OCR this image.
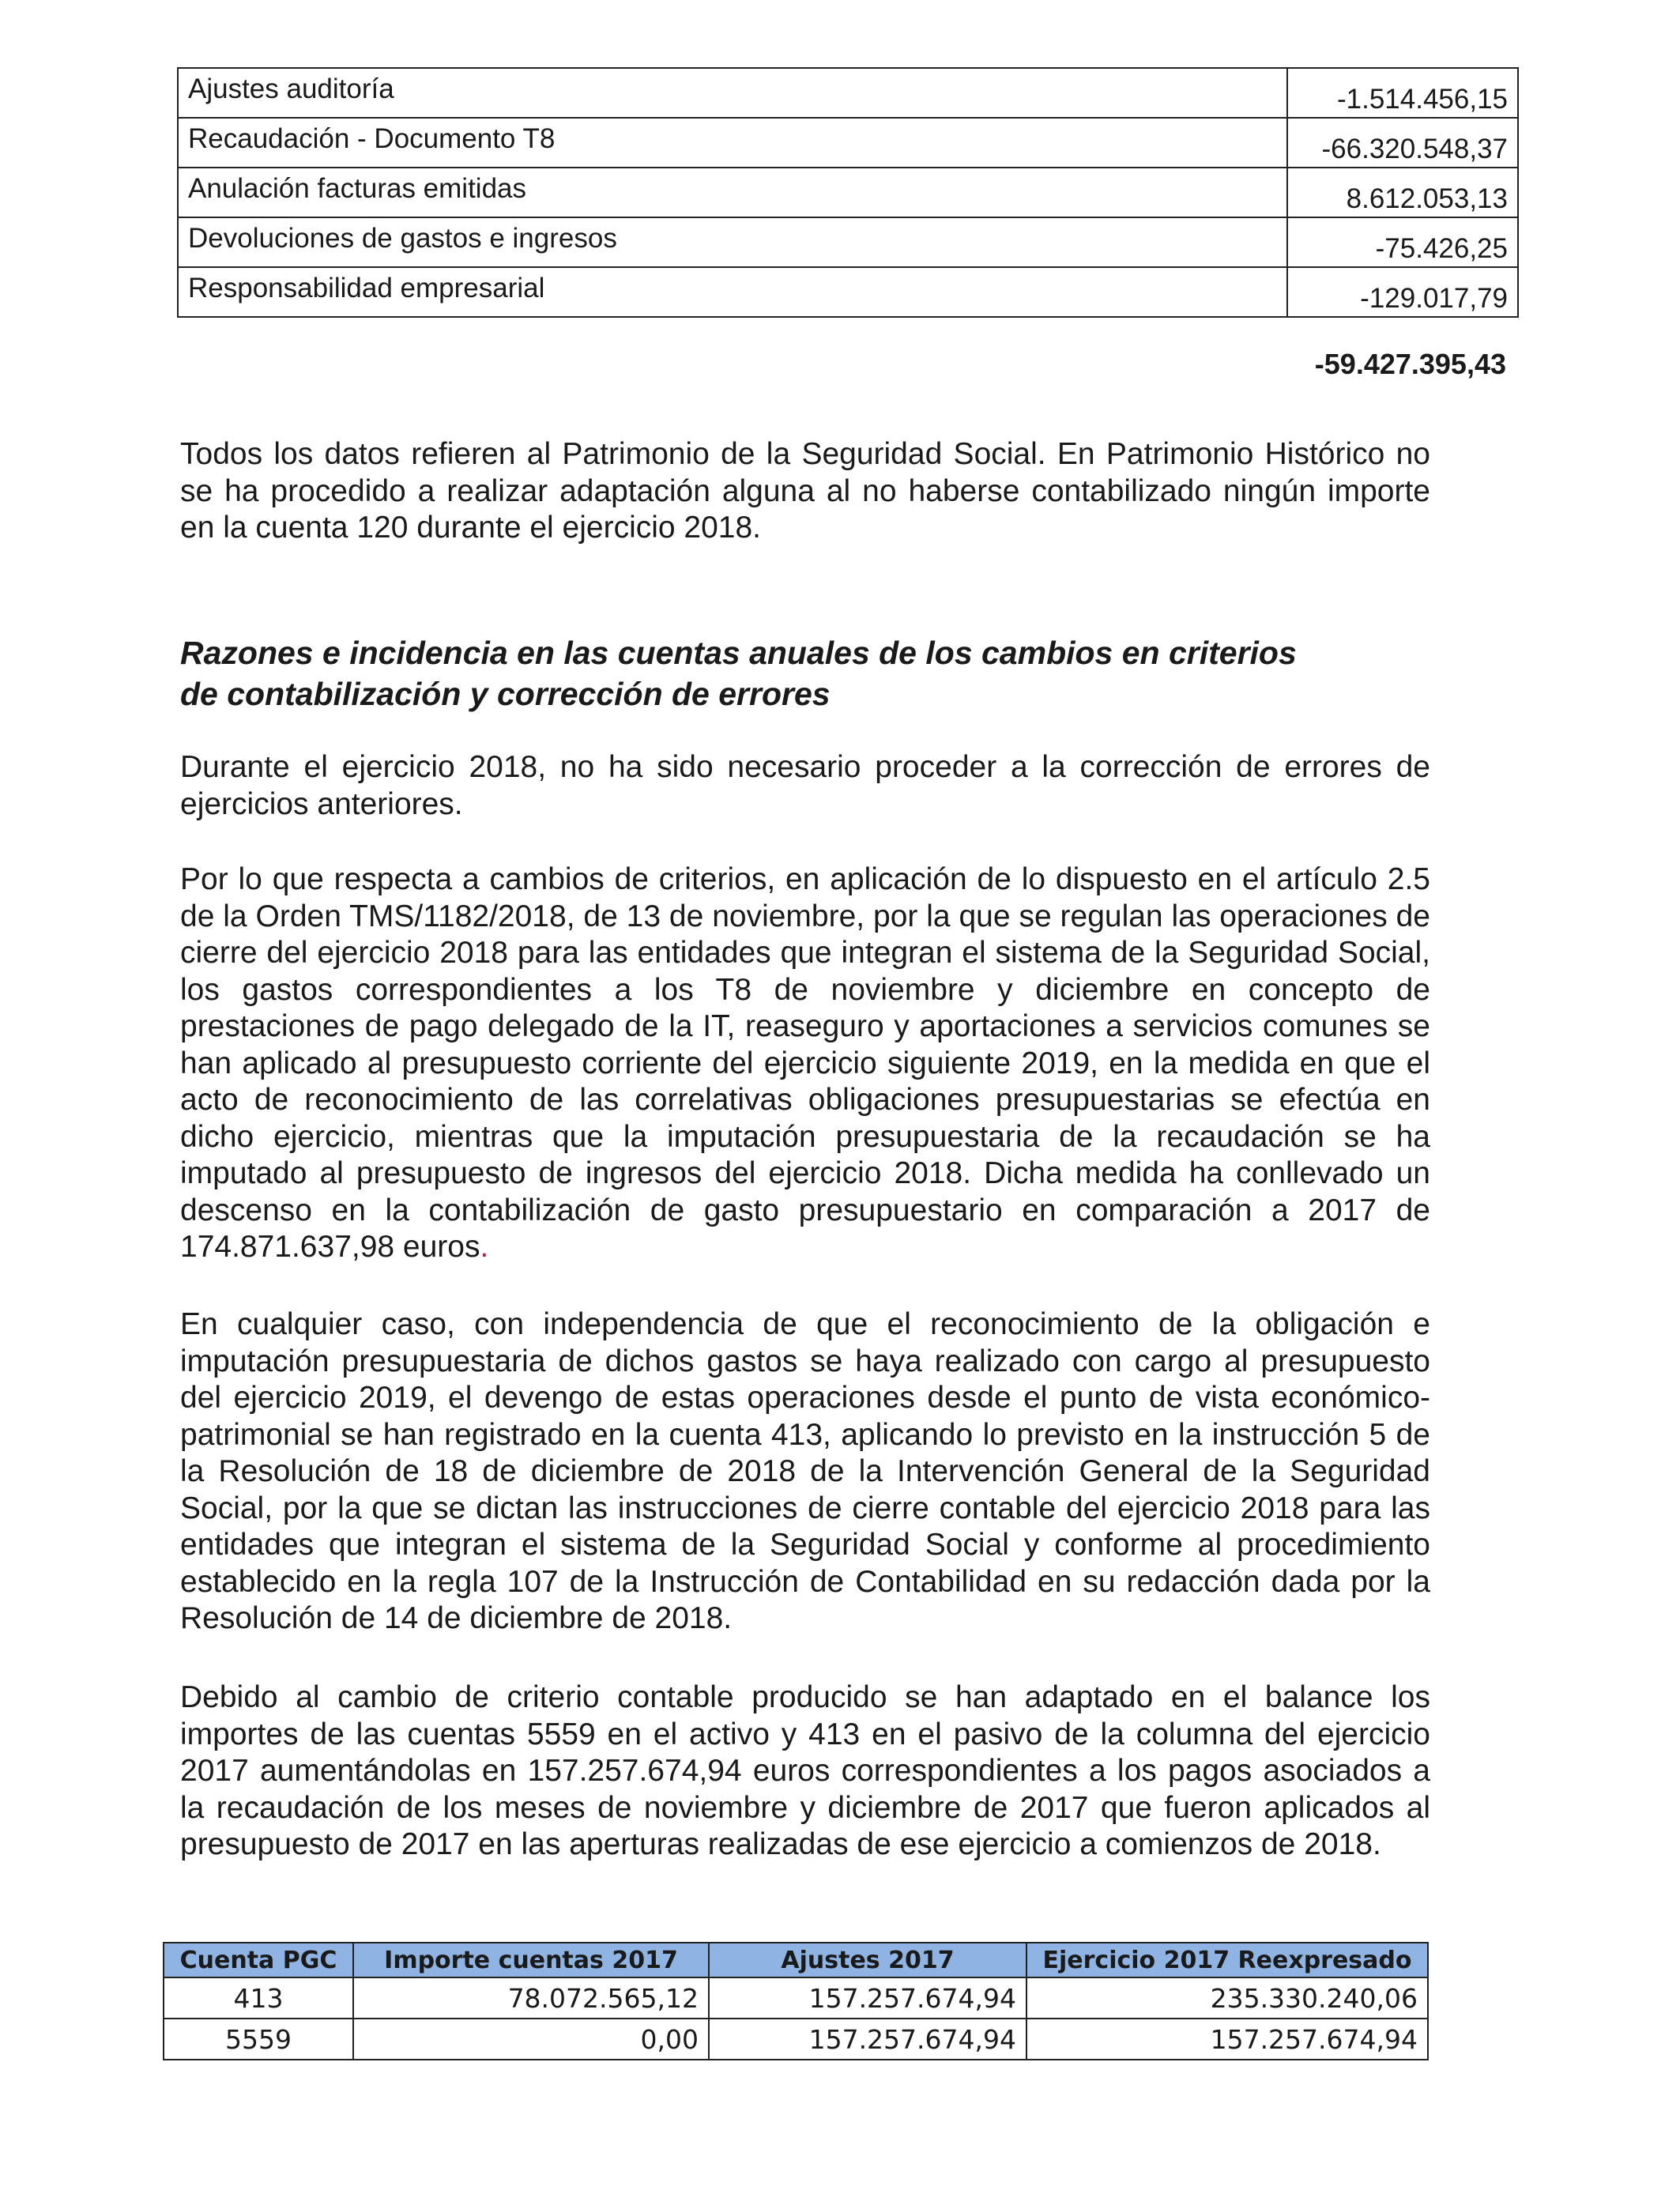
Ajustes auditoría	-1.514.456,15
Recaudación - Documento T8	-66.320.548,37
Anulación facturas emitidas	8.612.053,13
Devoluciones de gastos e ingresos	-75.426,25
Responsabilidad empresarial	-129.017,79
-59.427.395,43

Todos los datos refieren al Patrimonio de la Seguridad Social. En Patrimonio Histórico no se ha procedido a realizar adaptación alguna al no haberse contabilizado ningún importe en la cuenta 120 durante el ejercicio 2018.

Razones e incidencia en las cuentas anuales de los cambios en criterios
de contabilización y corrección de errores

Durante el ejercicio 2018, no ha sido necesario proceder a la corrección de errores de ejercicios anteriores.

Por lo que respecta a cambios de criterios, en aplicación de lo dispuesto en el artículo 2.5 de la Orden TMS/1182/2018, de 13 de noviembre, por la que se regulan las operaciones de cierre del ejercicio 2018 para las entidades que integran el sistema de la Seguridad Social, los gastos correspondientes a los T8 de noviembre y diciembre en concepto de prestaciones de pago delegado de la IT, reaseguro y aportaciones a servicios comunes se han aplicado al presupuesto corriente del ejercicio siguiente 2019, en la medida en que el acto de reconocimiento de las correlativas obligaciones presupuestarias se efectúa en dicho ejercicio, mientras que la imputación presupuestaria de la recaudación se ha imputado al presupuesto de ingresos del ejercicio 2018. Dicha medida ha conllevado un descenso en la contabilización de gasto presupuestario en comparación a 2017 de 174.871.637,98 euros.

En cualquier caso, con independencia de que el reconocimiento de la obligación e imputación presupuestaria de dichos gastos se haya realizado con cargo al presupuesto del ejercicio 2019, el devengo de estas operaciones desde el punto de vista económico-patrimonial se han registrado en la cuenta 413, aplicando lo previsto en la instrucción 5 de la Resolución de 18 de diciembre de 2018 de la Intervención General de la Seguridad Social, por la que se dictan las instrucciones de cierre contable del ejercicio 2018 para las entidades que integran el sistema de la Seguridad Social y conforme al procedimiento establecido en la regla 107 de la Instrucción de Contabilidad en su redacción dada por la Resolución de 14 de diciembre de 2018.

Debido al cambio de criterio contable producido se han adaptado en el balance los importes de las cuentas 5559 en el activo y 413 en el pasivo de la columna del ejercicio 2017 aumentándolas en 157.257.674,94 euros correspondientes a los pagos asociados a la recaudación de los meses de noviembre y diciembre de 2017 que fueron aplicados al presupuesto de 2017 en las aperturas realizadas de ese ejercicio a comienzos de 2018.

Cuenta PGC	Importe cuentas 2017	Ajustes 2017	Ejercicio 2017 Reexpresado
413	78.072.565,12	157.257.674,94	235.330.240,06
5559	0,00	157.257.674,94	157.257.674,94
